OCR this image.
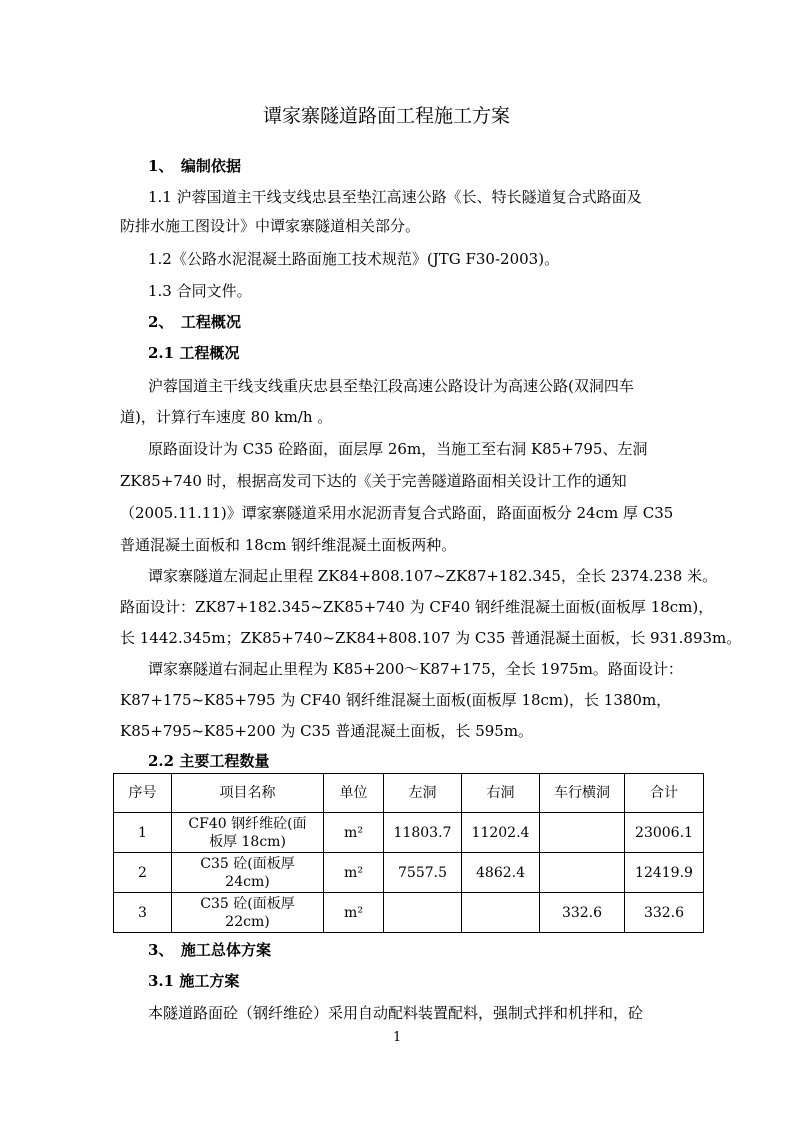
谭家寨隧道路面工程施工方案
1、　编制依据
1.1 沪蓉国道主干线支线忠县至垫江高速公路《长、特长隧道复合式路面及
防排水施工图设计》中谭家寨隧道相关部分。
1.2《公路水泥混凝土路面施工技术规范》(JTG F30-2003)。
1.3 合同文件。
2、　工程概况
2.1 工程概况
沪蓉国道主干线支线重庆忠县至垫江段高速公路设计为高速公路(双洞四车
道)，计算行车速度 80 km/h 。
原路面设计为 C35 砼路面，面层厚 26m，当施工至右洞 K85+795、左洞
ZK85+740 时，根据高发司下达的《关于完善隧道路面相关设计工作的通知
（2005.11.11)》谭家寨隧道采用水泥沥青复合式路面，路面面板分 24cm 厚 C35
普通混凝土面板和 18cm 钢纤维混凝土面板两种。
谭家寨隧道左洞起止里程 ZK84+808.107~ZK87+182.345，全长 2374.238 米。
路面设计：ZK87+182.345~ZK85+740 为 CF40 钢纤维混凝土面板(面板厚 18cm)，
长 1442.345m；ZK85+740~ZK84+808.107 为 C35 普通混凝土面板，长 931.893m。
谭家寨隧道右洞起止里程为 K85+200～K87+175，全长 1975m。路面设计：
K87+175~K85+795 为 CF40 钢纤维混凝土面板(面板厚 18cm)，长 1380m，
K85+795~K85+200 为 C35 普通混凝土面板，长 595m。
2.2 主要工程数量
序号	项目名称	单位	左洞	右洞	车行横洞	合计
1	CF40 钢纤维砼(面
板厚 18cm)	m²	11803.7	11202.4		23006.1
2	C35 砼(面板厚
24cm)	m²	7557.5	4862.4		12419.9
3	C35 砼(面板厚
22cm)	m²			332.6	332.6
3、　施工总体方案
3.1 施工方案
本隧道路面砼（钢纤维砼）采用自动配料装置配料，强制式拌和机拌和，砼
1
